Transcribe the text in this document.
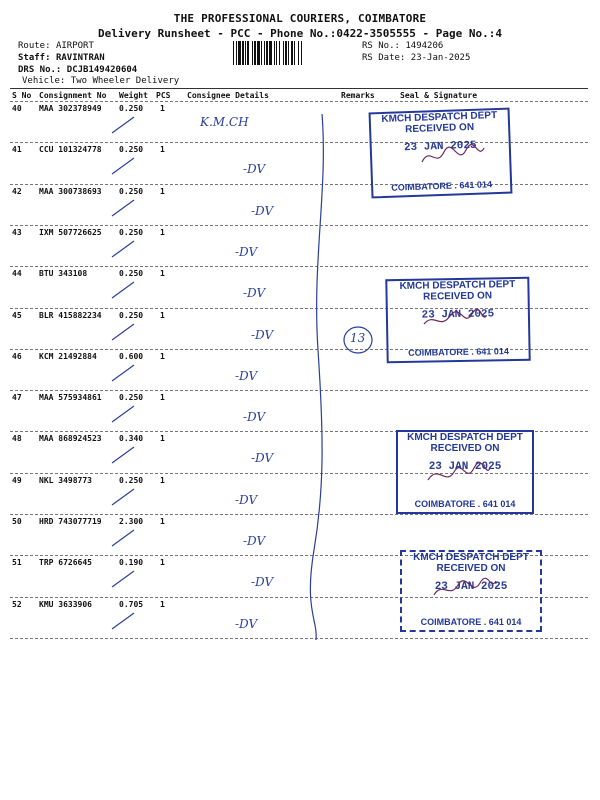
THE PROFESSIONAL COURIERS, COIMBATORE
Delivery Runsheet - PCC - Phone No.:0422-3505555 - Page No.:4
Route: AIRPORT
Staff: RAVINTRAN
DRS No.: DCJB149420604
Vehicle: Two Wheeler Delivery
RS No.: 1494206
RS Date: 23-Jan-2025
S No Consignment No Weight PCS Consignee Details	Remarks	Seal & Signature
40 MAA 302378949 0.250 1
K.M.CH
41 CCU 101324778 0.250 1
-DV
42 MAA 300738693 0.250 1
-DV
43 IXM 507726625 0.250 1
-DV
44 BTU 343108	0.250 1
-DV
45 BLR 415882234 0.250 1
-DV
46 KCM 21492884	0.600 1
-DV
47 MAA 575934861 0.250 1
-DV
48 MAA 868924523 0.340 1
-DV
49 NKL 3498773	0.250 1
-DV
50 HRD 743077719 2.300 1
-DV
51 TRP 6726645	0.190 1
-DV
52 KMU 3633906	0.705 1
-DV
13
KMCH DESPATCH DEPT
RECEIVED ON
23 JAN 2025
COIMBATORE . 641 014
KMCH DESPATCH DEPT
RECEIVED ON
23 JAN 2025
COIMBATORE . 641 014
KMCH DESPATCH DEPT
RECEIVED ON
23 JAN 2025
COIMBATORE . 641 014
KMCH DESPATCH DEPT
RECEIVED ON
23 JAN 2025
COIMBATORE . 641 014
